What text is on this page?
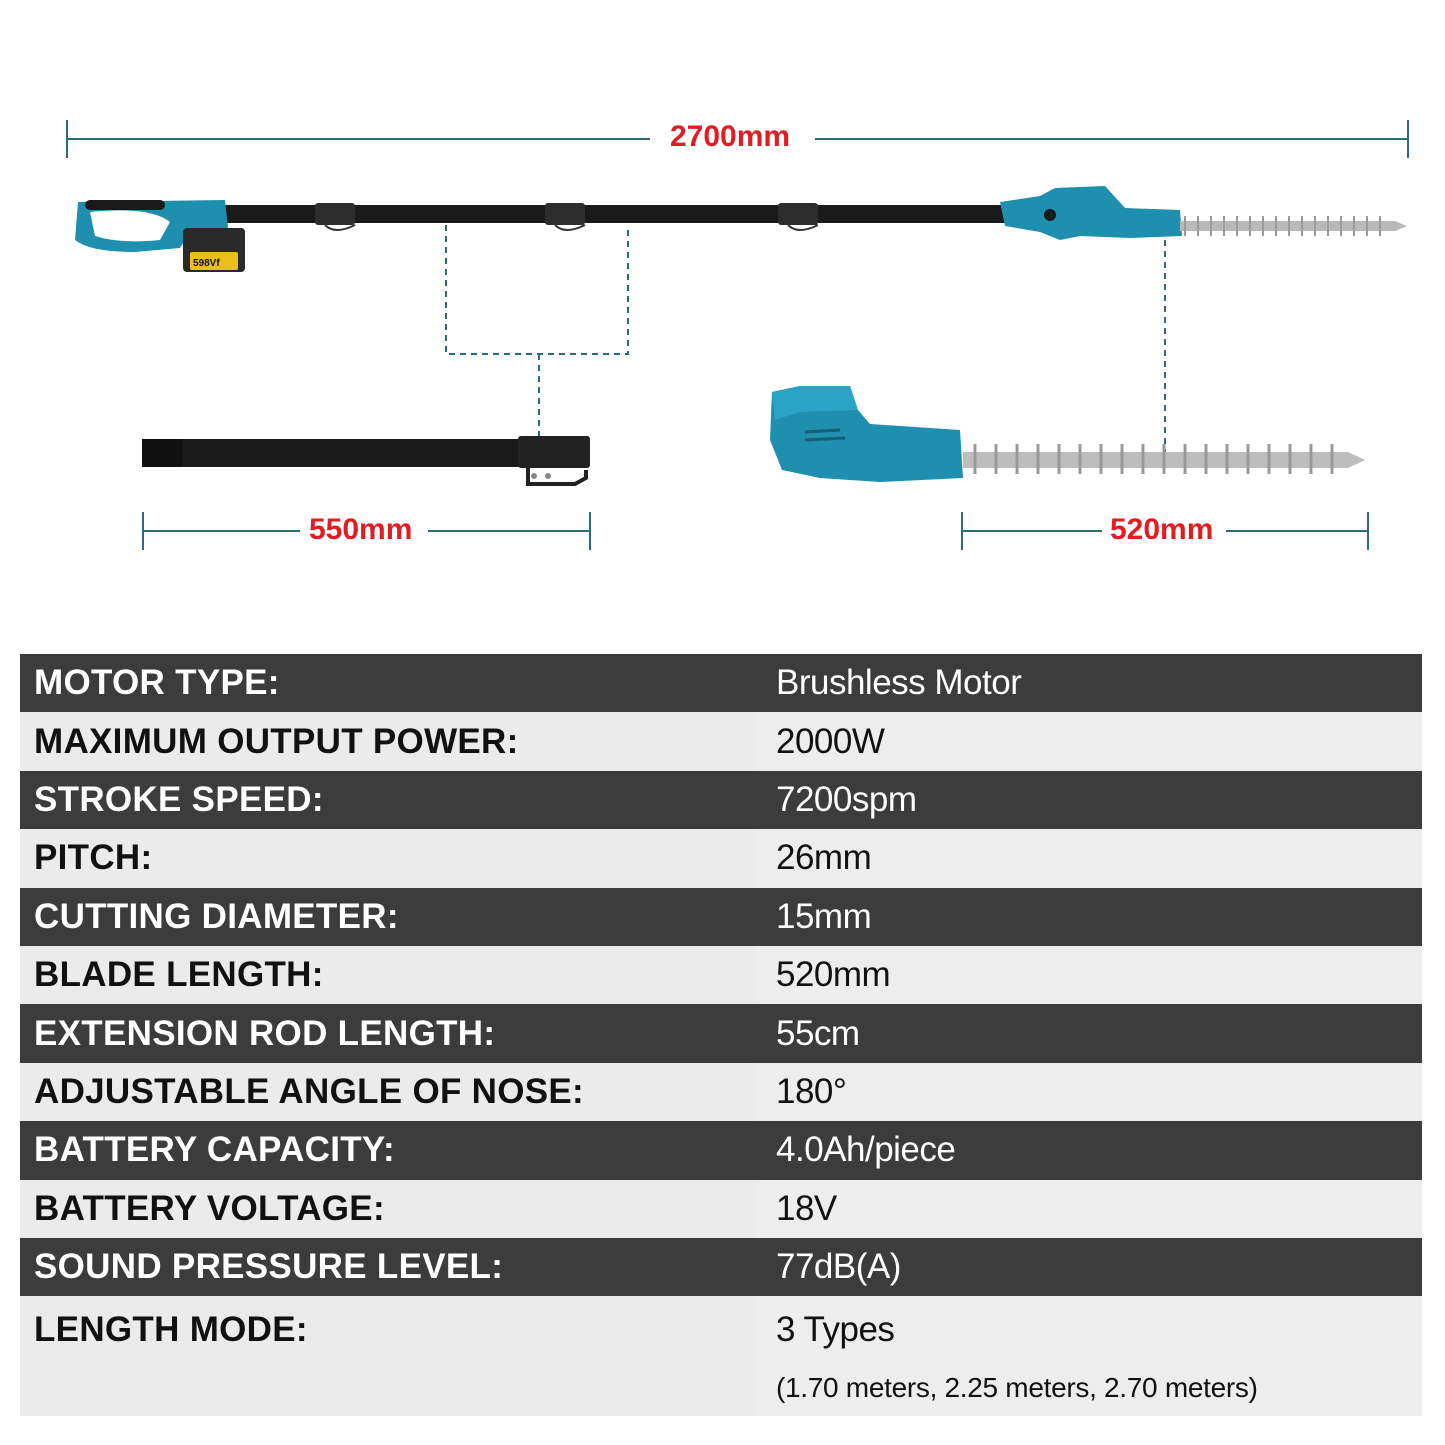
598Vf
2700mm
550mm	520mm
MOTOR TYPE:	Brushless Motor
MAXIMUM OUTPUT POWER:	2000W
STROKE SPEED:	7200spm
PITCH:	26mm
CUTTING DIAMETER:	15mm
BLADE LENGTH:	520mm
EXTENSION ROD LENGTH:	55cm
ADJUSTABLE ANGLE OF NOSE:	180°
BATTERY CAPACITY:	4.0Ah/piece
BATTERY VOLTAGE:	18V
SOUND PRESSURE LEVEL:	77dB(A)
LENGTH MODE:	3 Types
(1.70 meters, 2.25 meters, 2.70 meters)
